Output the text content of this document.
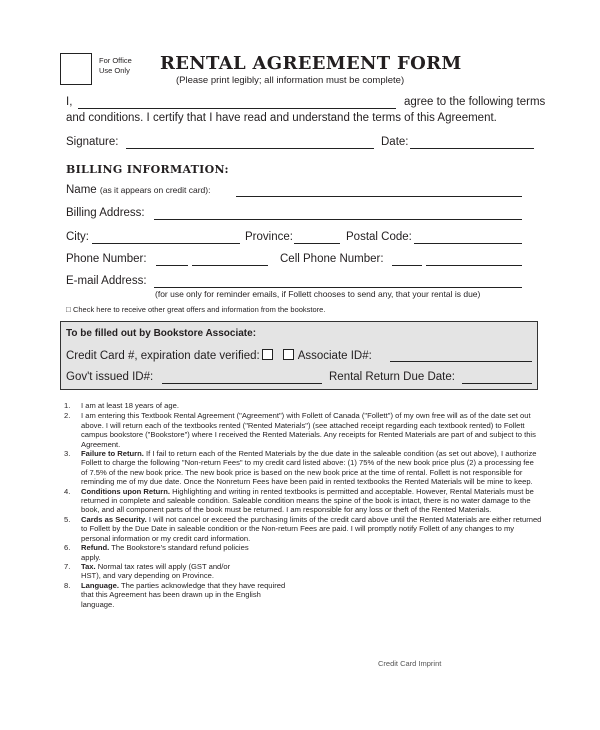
For Office
Use Only RENTAL AGREEMENT FORM
(Please print legibly; all information must be complete)
I,	agree to the following terms
and conditions. I certify that I have read and understand the terms of this Agreement.
Signature:	Date:
BILLING INFORMATION:
Name (as it appears on credit card):
Billing Address:
City:	Province:	Postal Code:
Phone Number:	Cell Phone Number:
E-mail Address:
(for use only for reminder emails, if Follett chooses to send any, that your rental is due)
□ Check here to receive other great offers and information from the bookstore.
To be filled out by Bookstore Associate:
Credit Card #, expiration date verified:	Associate ID#:
Gov't issued ID#:	Rental Return Due Date:
1. I am at least 18 years of age.
2. I am entering this Textbook Rental Agreement ("Agreement") with Follett of Canada ("Follett") of my own free will as of the date set out above. I will return each of the textbooks rented ("Rented Materials") (see attached receipt regarding each textbook rented) to Follett campus bookstore ("Bookstore") where I received the Rented Materials. Any receipts for Rented Materials are part of and subject to this Agreement.
3. Failure to Return. If I fail to return each of the Rented Materials by the due date in the saleable condition (as set out above), I authorize Follett to charge the following "Non-return Fees" to my credit card listed above: (1) 75% of the new book price plus (2) a processing fee of 7.5% of the new book price. The new book price is based on the new book price at the time of rental. Follett is not responsible for reminding me of my due date. Once the Nonreturn Fees have been paid in rented textbooks the Rented Materials will be mine to keep.
4. Conditions upon Return. Highlighting and writing in rented textbooks is permitted and acceptable. However, Rental Materials must be returned in complete and saleable condition. Saleable condition means the spine of the book is intact, there is no water damage to the book, and all component parts of the book must be returned. I am responsible for any loss or theft of the Rented Materials.
5. Cards as Security. I will not cancel or exceed the purchasing limits of the credit card above until the Rented Materials are either returned to Follett by the Due Date in saleable condition or the Non-return Fees are paid. I will promptly notify Follett of any changes to my personal information or my credit card information.
6. Refund. The Bookstore's standard refund policies apply.
7. Tax. Normal tax rates will apply (GST and/or HST), and vary depending on Province.
8. Language. The parties acknowledge that they have required that this Agreement has been drawn up in the English language.
Credit Card Imprint
